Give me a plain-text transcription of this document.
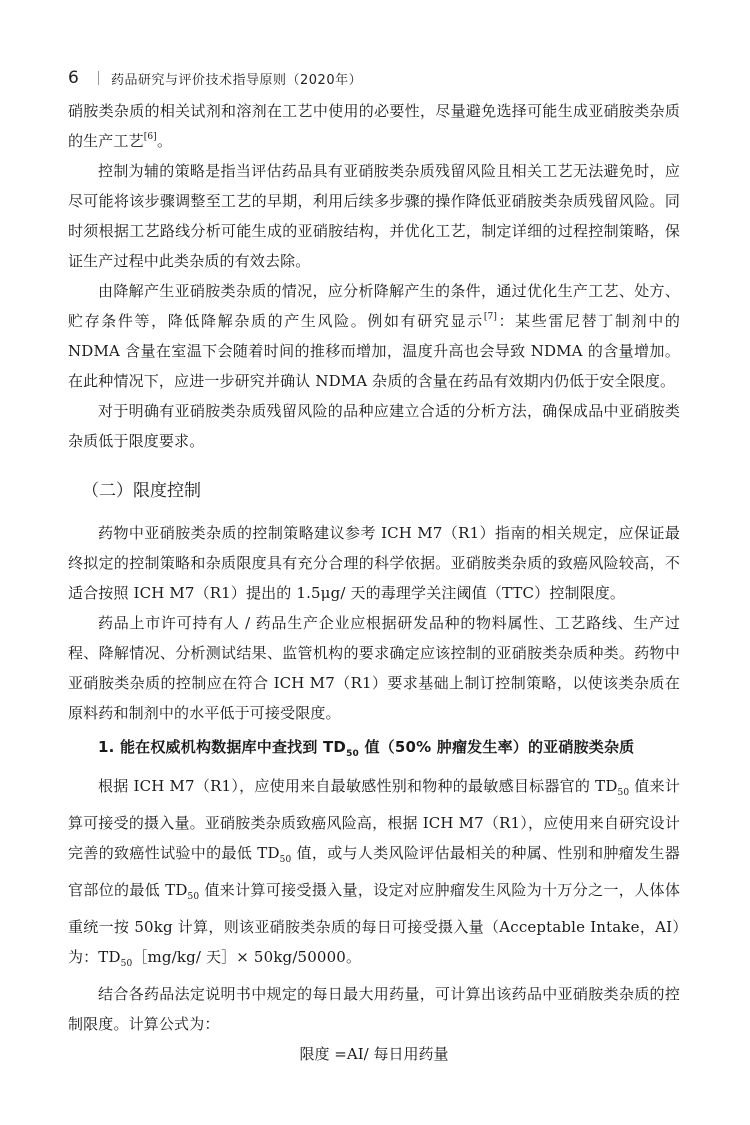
6	药品研究与评价技术指导原则（2020年）

硝胺类杂质的相关试剂和溶剂在工艺中使用的必要性，尽量避免选择可能生成亚硝胺类杂质的生产工艺[6]。

控制为辅的策略是指当评估药品具有亚硝胺类杂质残留风险且相关工艺无法避免时，应尽可能将该步骤调整至工艺的早期，利用后续多步骤的操作降低亚硝胺类杂质残留风险。同时须根据工艺路线分析可能生成的亚硝胺结构，并优化工艺，制定详细的过程控制策略，保证生产过程中此类杂质的有效去除。

由降解产生亚硝胺类杂质的情况，应分析降解产生的条件，通过优化生产工艺、处方、贮存条件等，降低降解杂质的产生风险。例如有研究显示[7]：某些雷尼替丁制剂中的 NDMA 含量在室温下会随着时间的推移而增加，温度升高也会导致 NDMA 的含量增加。在此种情况下，应进一步研究并确认 NDMA 杂质的含量在药品有效期内仍低于安全限度。

对于明确有亚硝胺类杂质残留风险的品种应建立合适的分析方法，确保成品中亚硝胺类杂质低于限度要求。

（二）限度控制

药物中亚硝胺类杂质的控制策略建议参考 ICH M7（R1）指南的相关规定，应保证最终拟定的控制策略和杂质限度具有充分合理的科学依据。亚硝胺类杂质的致癌风险较高，不适合按照 ICH M7（R1）提出的 1.5μg/ 天的毒理学关注阈值（TTC）控制限度。

药品上市许可持有人 / 药品生产企业应根据研发品种的物料属性、工艺路线、生产过程、降解情况、分析测试结果、监管机构的要求确定应该控制的亚硝胺类杂质种类。药物中亚硝胺类杂质的控制应在符合 ICH M7（R1）要求基础上制订控制策略，以使该类杂质在原料药和制剂中的水平低于可接受限度。

1. 能在权威机构数据库中查找到 $TD_{50}$ 值（50% 肿瘤发生率）的亚硝胺类杂质

根据 ICH M7（R1），应使用来自最敏感性别和物种的最敏感目标器官的 $TD_{50}$ 值来计算可接受的摄入量。亚硝胺类杂质致癌风险高，根据 ICH M7（R1），应使用来自研究设计完善的致癌性试验中的最低 $TD_{50}$ 值，或与人类风险评估最相关的种属、性别和肿瘤发生器官部位的最低 $TD_{50}$ 值来计算可接受摄入量，设定对应肿瘤发生风险为十万分之一，人体体重统一按 50kg 计算，则该亚硝胺类杂质的每日可接受摄入量（Acceptable Intake，AI）为：$TD_{50}[mg/kg/$ 天］× 50kg/50000。

结合各药品法定说明书中规定的每日最大用药量，可计算出该药品中亚硝胺类杂质的控制限度。计算公式为：

限度 =AI/ 每日用药量
